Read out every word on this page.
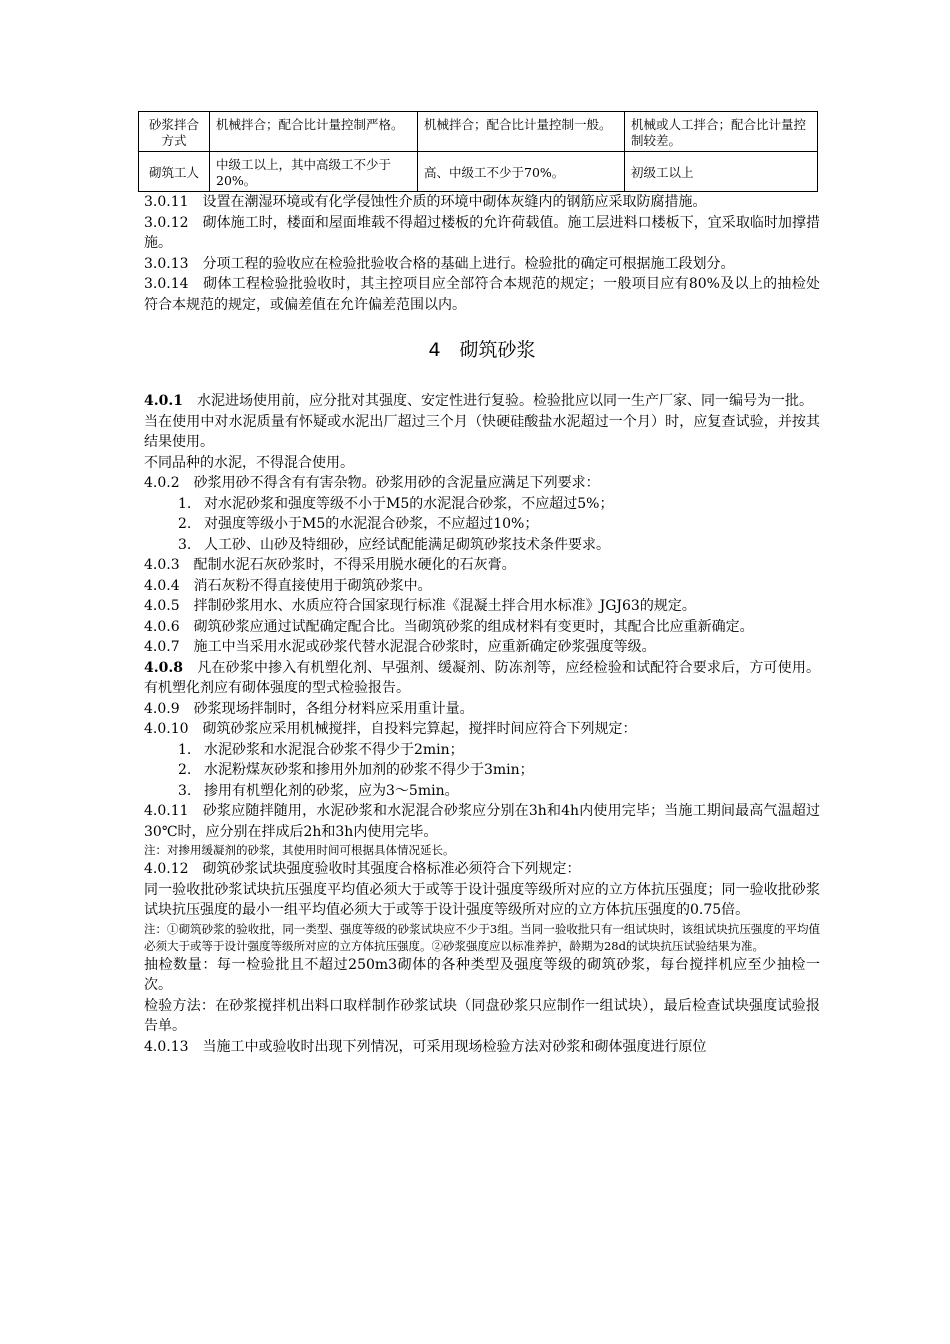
砂浆拌合方式	机械拌合；配合比计量控制严格。	机械拌合；配合比计量控制一般。	机械或人工拌合；配合比计量控制较差。
砌筑工人	中级工以上，其中高级工不少于20%。	高、中级工不少于70%。	初级工以上

3.0.11　设置在潮湿环境或有化学侵蚀性介质的环境中砌体灰缝内的钢筋应采取防腐措施。

3.0.12　砌体施工时，楼面和屋面堆载不得超过楼板的允许荷载值。施工层进料口楼板下，宜采取临时加撑措施。

3.0.13　分项工程的验收应在检验批验收合格的基础上进行。检验批的确定可根据施工段划分。

3.0.14　砌体工程检验批验收时，其主控项目应全部符合本规范的规定；一般项目应有80%及以上的抽检处符合本规范的规定，或偏差值在允许偏差范围以内。

4　砌筑砂浆

4.0.1　 水泥进场使用前，应分批对其强度、安定性进行复验。检验批应以同一生产厂家、同一编号为一批。

当在使用中对水泥质量有怀疑或水泥出厂超过三个月（快硬硅酸盐水泥超过一个月）时，应复查试验，并按其结果使用。

不同品种的水泥，不得混合使用。

4.0.2　砂浆用砂不得含有有害杂物。砂浆用砂的含泥量应满足下列要求：

1. 对水泥砂浆和强度等级不小于M5的水泥混合砂浆，不应超过5%；

2. 对强度等级小于M5的水泥混合砂浆，不应超过10%；

3. 人工砂、山砂及特细砂，应经试配能满足砌筑砂浆技术条件要求。

4.0.3　配制水泥石灰砂浆时，不得采用脱水硬化的石灰膏。

4.0.4　消石灰粉不得直接使用于砌筑砂浆中。

4.0.5　拌制砂浆用水、水质应符合国家现行标准《混凝土拌合用水标准》JGJ63的规定。

4.0.6　砌筑砂浆应通过试配确定配合比。当砌筑砂浆的组成材料有变更时，其配合比应重新确定。

4.0.7　施工中当采用水泥或砂浆代替水泥混合砂浆时，应重新确定砂浆强度等级。

4.0.8　 凡在砂浆中掺入有机塑化剂、早强剂、缓凝剂、防冻剂等，应经检验和试配符合要求后，方可使用。有机塑化剂应有砌体强度的型式检验报告。

4.0.9　砂浆现场拌制时，各组分材料应采用重计量。

4.0.10　砌筑砂浆应采用机械搅拌，自投料完算起，搅拌时间应符合下列规定：

1. 水泥砂浆和水泥混合砂浆不得少于2min；

2. 水泥粉煤灰砂浆和掺用外加剂的砂浆不得少于3min；

3. 掺用有机塑化剂的砂浆，应为3～5min。

4.0.11　砂浆应随拌随用，水泥砂浆和水泥混合砂浆应分别在3h和4h内使用完毕；当施工期间最高气温超过30℃时，应分别在拌成后2h和3h内使用完毕。

注：对掺用缓凝剂的砂浆，其使用时间可根据具体情况延长。

4.0.12　砌筑砂浆试块强度验收时其强度合格标准必须符合下列规定：

同一验收批砂浆试块抗压强度平均值必须大于或等于设计强度等级所对应的立方体抗压强度；同一验收批砂浆试块抗压强度的最小一组平均值必须大于或等于设计强度等级所对应的立方体抗压强度的0.75倍。

注：①砌筑砂浆的验收批，同一类型、强度等级的砂浆试块应不少于3组。当同一验收批只有一组试块时，该组试块抗压强度的平均值必须大于或等于设计强度等级所对应的立方体抗压强度。②砂浆强度应以标准养护，龄期为28d的试块抗压试验结果为准。

抽检数量：每一检验批且不超过250m3砌体的各种类型及强度等级的砌筑砂浆，每台搅拌机应至少抽检一次。

检验方法：在砂浆搅拌机出料口取样制作砂浆试块（同盘砂浆只应制作一组试块），最后检查试块强度试验报告单。

4.0.13　当施工中或验收时出现下列情况，可采用现场检验方法对砂浆和砌体强度进行原位
